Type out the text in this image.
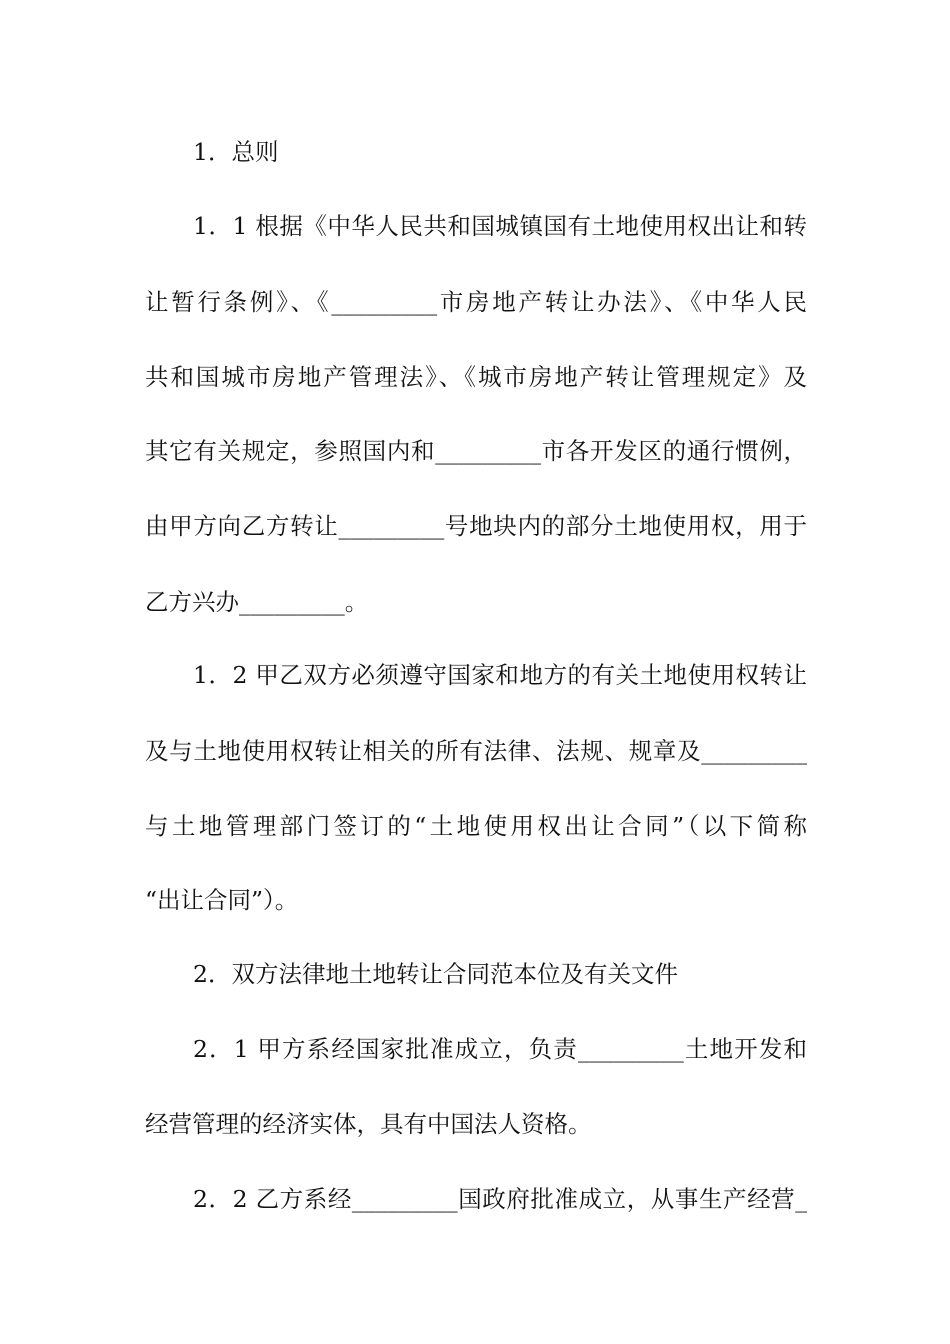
1．总则
1．1 根据《中华人民共和国城镇国有土地使用权出让和转
让暂行条例》、《_________市房地产转让办法》、《中华人民
共和国城市房地产管理法》、《城市房地产转让管理规定》及
其它有关规定，参照国内和_________市各开发区的通行惯例，
由甲方向乙方转让_________号地块内的部分土地使用权，用于
乙方兴办_________。
1．2 甲乙双方必须遵守国家和地方的有关土地使用权转让
及与土地使用权转让相关的所有法律、法规、规章及_________
与土地管理部门签订的“土地使用权出让合同”（以下简称
“出让合同”）。
2．双方法律地土地转让合同范本位及有关文件
2．1 甲方系经国家批准成立，负责_________土地开发和
经营管理的经济实体，具有中国法人资格。
2．2 乙方系经_________国政府批准成立，从事生产经营_
